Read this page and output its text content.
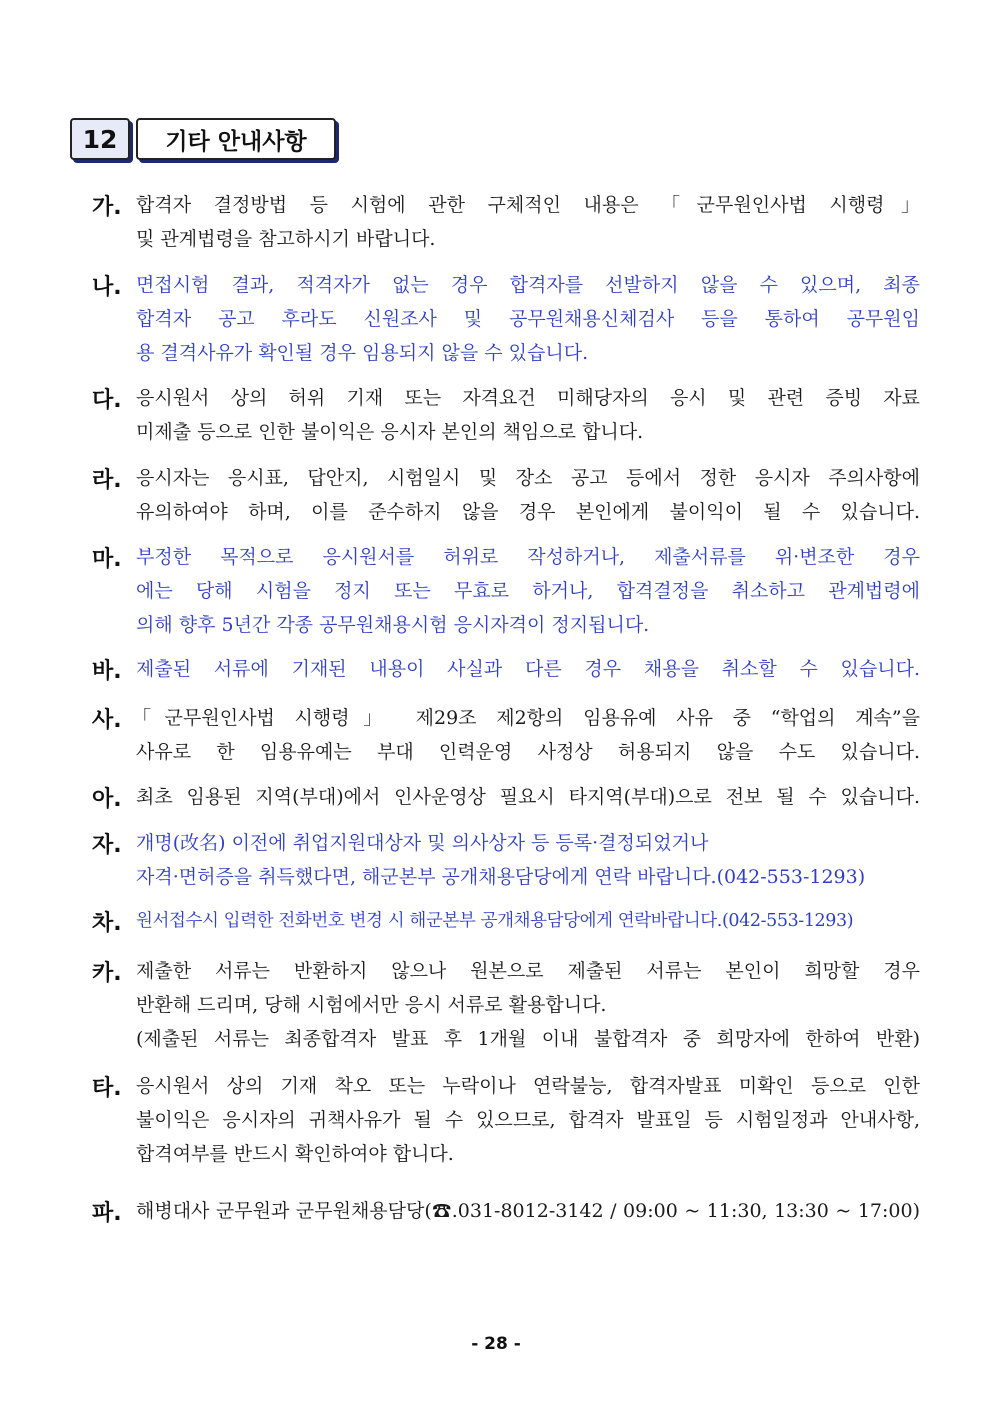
12	기타 안내사항
가. 합격자 결정방법 등 시험에 관한 구체적인 내용은 「군무원인사법 시행령」
및 관계법령을 참고하시기 바랍니다.
나. 면접시험 결과, 적격자가 없는 경우 합격자를 선발하지 않을 수 있으며, 최종
합격자 공고 후라도 신원조사 및 공무원채용신체검사 등을 통하여 공무원임
용 결격사유가 확인될 경우 임용되지 않을 수 있습니다.
다. 응시원서 상의 허위 기재 또는 자격요건 미해당자의 응시 및 관련 증빙 자료
미제출 등으로 인한 불이익은 응시자 본인의 책임으로 합니다.
라. 응시자는 응시표, 답안지, 시험일시 및 장소 공고 등에서 정한 응시자 주의사항에
유의하여야 하며, 이를 준수하지 않을 경우 본인에게 불이익이 될 수 있습니다.
마. 부정한 목적으로 응시원서를 허위로 작성하거나, 제출서류를 위·변조한 경우
에는 당해 시험을 정지 또는 무효로 하거나, 합격결정을 취소하고 관계법령에
의해 향후 5년간 각종 공무원채용시험 응시자격이 정지됩니다.
바. 제출된 서류에 기재된 내용이 사실과 다른 경우 채용을 취소할 수 있습니다.
사. 「군무원인사법 시행령」 제29조 제2항의 임용유예 사유 중 “학업의 계속”을
사유로 한 임용유예는 부대 인력운영 사정상 허용되지 않을 수도 있습니다.
아. 최초 임용된 지역(부대)에서 인사운영상 필요시 타지역(부대)으로 전보 될 수 있습니다.
자. 개명(改名) 이전에 취업지원대상자 및 의사상자 등 등록·결정되었거나
자격·면허증을 취득했다면, 해군본부 공개채용담당에게 연락 바랍니다.(042-553-1293)
차. 원서접수시 입력한 전화번호 변경 시 해군본부 공개채용담당에게 연락바랍니다.(042-553-1293)
카. 제출한 서류는 반환하지 않으나 원본으로 제출된 서류는 본인이 희망할 경우
반환해 드리며, 당해 시험에서만 응시 서류로 활용합니다.
(제출된 서류는 최종합격자 발표 후 1개월 이내 불합격자 중 희망자에 한하여 반환)
타. 응시원서 상의 기재 착오 또는 누락이나 연락불능, 합격자발표 미확인 등으로 인한
불이익은 응시자의 귀책사유가 될 수 있으므로, 합격자 발표일 등 시험일정과 안내사항,
합격여부를 반드시 확인하여야 합니다.
파. 해병대사 군무원과 군무원채용담당(☎.031-8012-3142 / 09:00 ~ 11:30, 13:30 ~ 17:00)
- 28 -
